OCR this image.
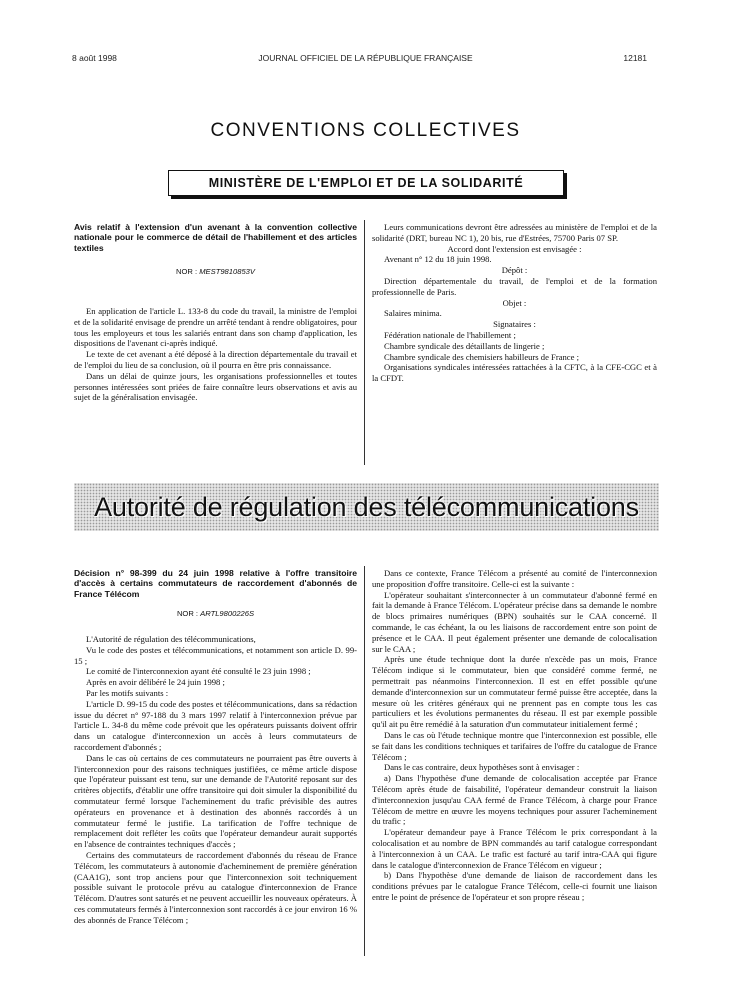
8 août 1998	JOURNAL OFFICIEL DE LA RÉPUBLIQUE FRANÇAISE	12181
CONVENTIONS COLLECTIVES
MINISTÈRE DE L'EMPLOI ET DE LA SOLIDARITÉ
Avis relatif à l'extension d'un avenant à la convention collective nationale pour le commerce de détail de l'habillement et des articles textiles
NOR : MEST9810853V

En application de l'article L. 133-8 du code du travail, la ministre de l'emploi et de la solidarité envisage de prendre un arrêté tendant à rendre obligatoires, pour tous les employeurs et tous les salariés entrant dans son champ d'application, les dispositions de l'avenant ci-après indiqué.

Le texte de cet avenant a été déposé à la direction départementale du travail et de l'emploi du lieu de sa conclusion, où il pourra en être pris connaissance.

Dans un délai de quinze jours, les organisations professionnelles et toutes personnes intéressées sont priées de faire connaître leurs observations et avis au sujet de la généralisation envisagée.

Leurs communications devront être adressées au ministère de l'emploi et de la solidarité (DRT, bureau NC 1), 20 bis, rue d'Estrées, 75700 Paris 07 SP.

Accord dont l'extension est envisagée :

Avenant n° 12 du 18 juin 1998.

Dépôt :

Direction départementale du travail, de l'emploi et de la formation professionnelle de Paris.

Objet :

Salaires minima.

Signataires :

Fédération nationale de l'habillement ;

Chambre syndicale des détaillants de lingerie ;

Chambre syndicale des chemisiers habilleurs de France ;

Organisations syndicales intéressées rattachées à la CFTC, à la CFE-CGC et à la CFDT.

Autorité de régulation des télécommunications
Décision n° 98-399 du 24 juin 1998 relative à l'offre transitoire d'accès à certains commutateurs de raccordement d'abonnés de France Télécom
NOR : ARTL9800226S

L'Autorité de régulation des télécommunications,

Vu le code des postes et télécommunications, et notamment son article D. 99-15 ;

Le comité de l'interconnexion ayant été consulté le 23 juin 1998 ;

Après en avoir délibéré le 24 juin 1998 ;

Par les motifs suivants :

L'article D. 99-15 du code des postes et télécommunications, dans sa rédaction issue du décret n° 97-188 du 3 mars 1997 relatif à l'interconnexion prévue par l'article L. 34-8 du même code prévoit que les opérateurs puissants doivent offrir dans un catalogue d'interconnexion un accès à leurs commutateurs de raccordement d'abonnés ;

Dans le cas où certains de ces commutateurs ne pourraient pas être ouverts à l'interconnexion pour des raisons techniques justifiées, ce même article dispose que l'opérateur puissant est tenu, sur une demande de l'Autorité reposant sur des critères objectifs, d'établir une offre transitoire qui doit simuler la disponibilité du commutateur fermé lorsque l'acheminement du trafic prévisible des autres opérateurs en provenance et à destination des abonnés raccordés à un commutateur fermé le justifie. La tarification de l'offre technique de remplacement doit refléter les coûts que l'opérateur demandeur aurait supportés en l'absence de contraintes techniques d'accès ;

Certains des commutateurs de raccordement d'abonnés du réseau de France Télécom, les commutateurs à autonomie d'acheminement de première génération (CAA1G), sont trop anciens pour que l'interconnexion soit techniquement possible suivant le protocole prévu au catalogue d'interconnexion de France Télécom. D'autres sont saturés et ne peuvent accueillir les nouveaux opérateurs. À ces commutateurs fermés à l'interconnexion sont raccordés à ce jour environ 16 % des abonnés de France Télécom ;

Dans ce contexte, France Télécom a présenté au comité de l'interconnexion une proposition d'offre transitoire. Celle-ci est la suivante :

L'opérateur souhaitant s'interconnecter à un commutateur d'abonné fermé en fait la demande à France Télécom. L'opérateur précise dans sa demande le nombre de blocs primaires numériques (BPN) souhaités sur le CAA concerné. Il commande, le cas échéant, la ou les liaisons de raccordement entre son point de présence et le CAA. Il peut également présenter une demande de colocalisation sur le CAA ;

Après une étude technique dont la durée n'excède pas un mois, France Télécom indique si le commutateur, bien que considéré comme fermé, ne permettrait pas néanmoins l'interconnexion. Il est en effet possible qu'une demande d'interconnexion sur un commutateur fermé puisse être acceptée, dans la mesure où les critères généraux qui ne prennent pas en compte tous les cas particuliers et les évolutions permanentes du réseau. Il est par exemple possible qu'il ait pu être remédié à la saturation d'un commutateur initialement fermé ;

Dans le cas où l'étude technique montre que l'interconnexion est possible, elle se fait dans les conditions techniques et tarifaires de l'offre du catalogue de France Télécom ;

Dans le cas contraire, deux hypothèses sont à envisager :

a) Dans l'hypothèse d'une demande de colocalisation acceptée par France Télécom après étude de faisabilité, l'opérateur demandeur construit la liaison d'interconnexion jusqu'au CAA fermé de France Télécom, à charge pour France Télécom de mettre en œuvre les moyens techniques pour assurer l'acheminement du trafic ;

L'opérateur demandeur paye à France Télécom le prix correspondant à la colocalisation et au nombre de BPN commandés au tarif catalogue correspondant à l'interconnexion à un CAA. Le trafic est facturé au tarif intra-CAA qui figure dans le catalogue d'interconnexion de France Télécom en vigueur ;

b) Dans l'hypothèse d'une demande de liaison de raccordement dans les conditions prévues par le catalogue France Télécom, celle-ci fournit une liaison entre le point de présence de l'opérateur et son propre réseau ;
